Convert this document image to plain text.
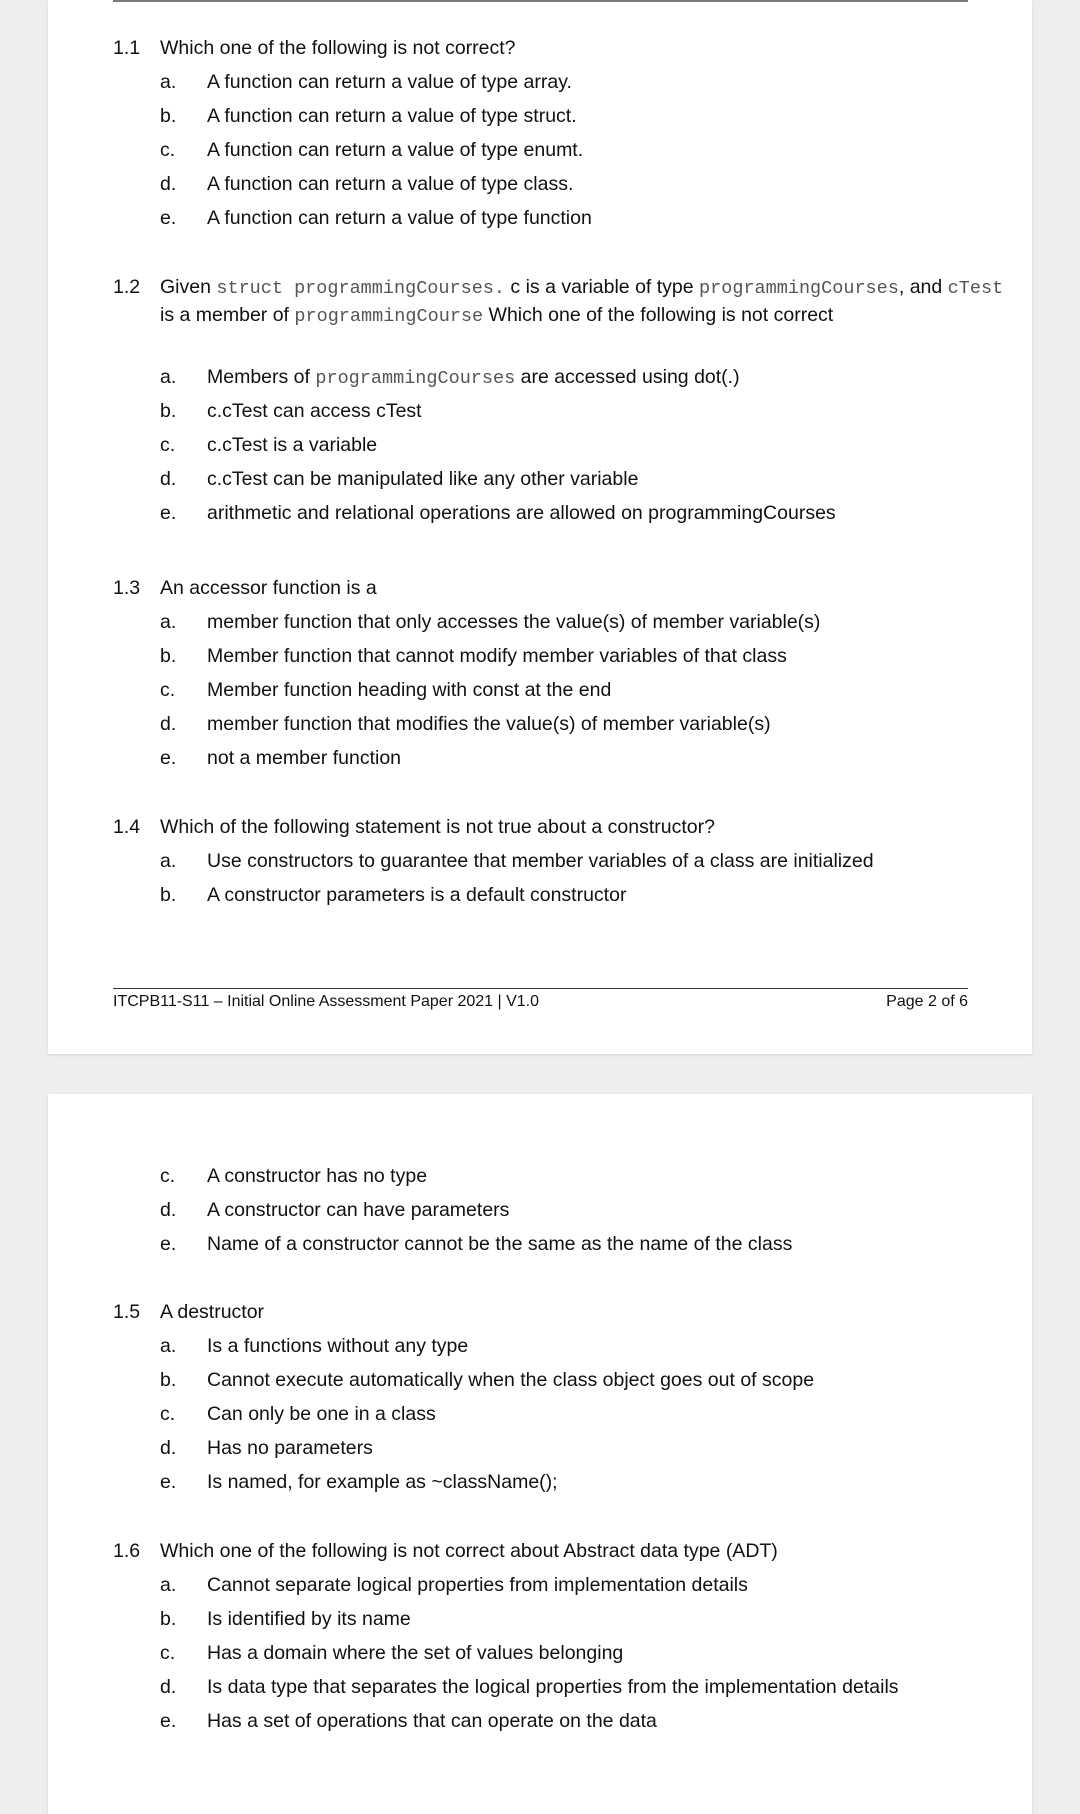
1.1	Which one of the following is not correct?
a.	A function can return a value of type array.
b.	A function can return a value of type struct.
c.	A function can return a value of type enumt.
d.	A function can return a value of type class.
e.	A function can return a value of type function
1.2	Given struct programmingCourses. c is a variable of type programmingCourses, and cTest is a member of programmingCourse Which one of the following is not correct
a.	Members of programmingCourses are accessed using dot(.)
b.	c.cTest can access cTest
c.	c.cTest is a variable
d.	c.cTest can be manipulated like any other variable
e.	arithmetic and relational operations are allowed on programmingCourses
1.3	An accessor function is a
a.	member function that only accesses the value(s) of member variable(s)
b.	Member function that cannot modify member variables of that class
c.	Member function heading with const at the end
d.	member function that modifies the value(s) of member variable(s)
e.	not a member function
1.4	Which of the following statement is not true about a constructor?
a.	Use constructors to guarantee that member variables of a class are initialized
b.	A constructor parameters is a default constructor
ITCPB11-S11 – Initial Online Assessment Paper 2021 | V1.0	Page 2 of 6
c.	A constructor has no type
d.	A constructor can have parameters
e.	Name of a constructor cannot be the same as the name of the class
1.5	A destructor
a.	Is a functions without any type
b.	Cannot execute automatically when the class object goes out of scope
c.	Can only be one in a class
d.	Has no parameters
e.	Is named, for example as ~className();
1.6	Which one of the following is not correct about Abstract data type (ADT)
a.	Cannot separate logical properties from implementation details
b.	Is identified by its name
c.	Has a domain where the set of values belonging
d.	Is data type that separates the logical properties from the implementation details
e.	Has a set of operations that can operate on the data
